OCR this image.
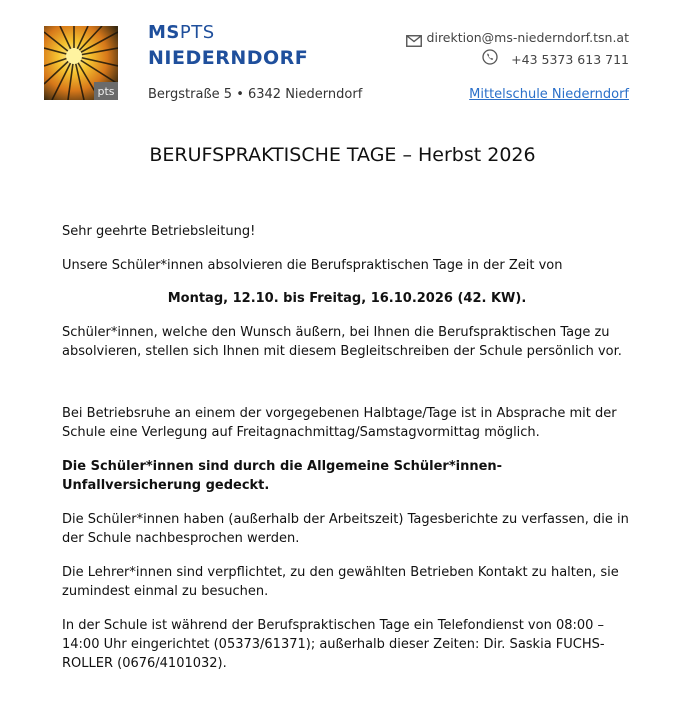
pts
MSPTS
NIEDERNDORF
Bergstraße 5 • 6342 Niederndorf
direktion@ms-niederndorf.tsn.at
+43 5373 613 711
Mittelschule Niederndorf
BERUFSPRAKTISCHE TAGE – Herbst 2026

Sehr geehrte Betriebsleitung!

Unsere Schüler*innen absolvieren die Berufspraktischen Tage in der Zeit von

Montag, 12.10. bis Freitag, 16.10.2026 (42. KW).

Schüler*innen, welche den Wunsch äußern, bei Ihnen die Berufspraktischen Tage zu absolvieren, stellen sich Ihnen mit diesem Begleitschreiben der Schule persönlich vor.

Bei Betriebsruhe an einem der vorgegebenen Halbtage/Tage ist in Absprache mit der Schule eine Verlegung auf Freitagnachmittag/Samstagvormittag möglich.

Die Schüler*innen sind durch die Allgemeine Schüler*innen-Unfallversicherung gedeckt.

Die Schüler*innen haben (außerhalb der Arbeitszeit) Tagesberichte zu verfassen, die in der Schule nachbesprochen werden.

Die Lehrer*innen sind verpflichtet, zu den gewählten Betrieben Kontakt zu halten, sie zumindest einmal zu besuchen.

In der Schule ist während der Berufspraktischen Tage ein Telefondienst von 08:00 – 14:00 Uhr eingerichtet (05373/61371); außerhalb dieser Zeiten: Dir. Saskia FUCHS-ROLLER (0676/4101032).
